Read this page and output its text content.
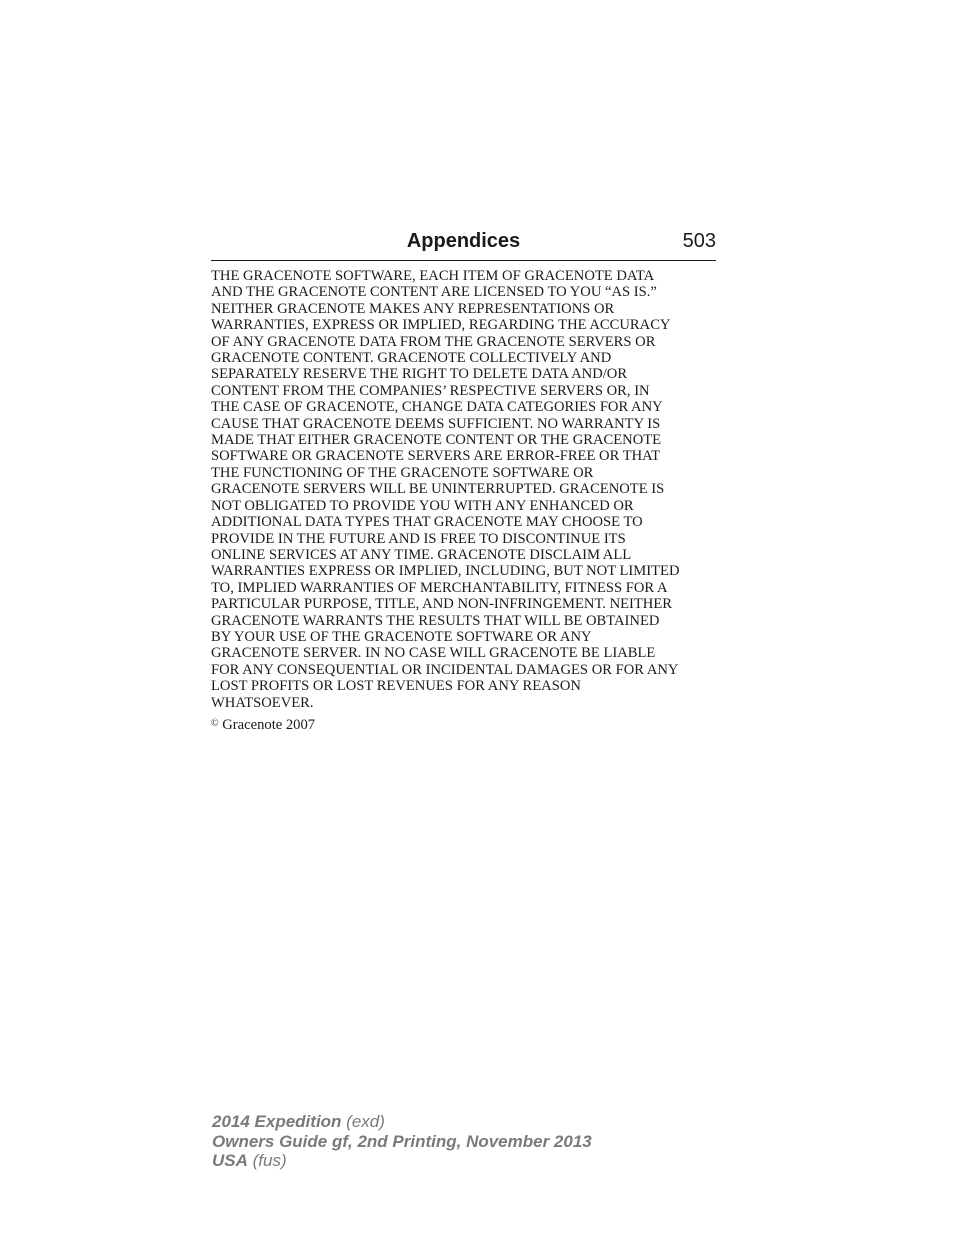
Appendices	503
THE GRACENOTE SOFTWARE, EACH ITEM OF GRACENOTE DATA
AND THE GRACENOTE CONTENT ARE LICENSED TO YOU “AS IS.”
NEITHER GRACENOTE MAKES ANY REPRESENTATIONS OR
WARRANTIES, EXPRESS OR IMPLIED, REGARDING THE ACCURACY
OF ANY GRACENOTE DATA FROM THE GRACENOTE SERVERS OR
GRACENOTE CONTENT. GRACENOTE COLLECTIVELY AND
SEPARATELY RESERVE THE RIGHT TO DELETE DATA AND/OR
CONTENT FROM THE COMPANIES’ RESPECTIVE SERVERS OR, IN
THE CASE OF GRACENOTE, CHANGE DATA CATEGORIES FOR ANY
CAUSE THAT GRACENOTE DEEMS SUFFICIENT. NO WARRANTY IS
MADE THAT EITHER GRACENOTE CONTENT OR THE GRACENOTE
SOFTWARE OR GRACENOTE SERVERS ARE ERROR-FREE OR THAT
THE FUNCTIONING OF THE GRACENOTE SOFTWARE OR
GRACENOTE SERVERS WILL BE UNINTERRUPTED. GRACENOTE IS
NOT OBLIGATED TO PROVIDE YOU WITH ANY ENHANCED OR
ADDITIONAL DATA TYPES THAT GRACENOTE MAY CHOOSE TO
PROVIDE IN THE FUTURE AND IS FREE TO DISCONTINUE ITS
ONLINE SERVICES AT ANY TIME. GRACENOTE DISCLAIM ALL
WARRANTIES EXPRESS OR IMPLIED, INCLUDING, BUT NOT LIMITED
TO, IMPLIED WARRANTIES OF MERCHANTABILITY, FITNESS FOR A
PARTICULAR PURPOSE, TITLE, AND NON-INFRINGEMENT. NEITHER
GRACENOTE WARRANTS THE RESULTS THAT WILL BE OBTAINED
BY YOUR USE OF THE GRACENOTE SOFTWARE OR ANY
GRACENOTE SERVER. IN NO CASE WILL GRACENOTE BE LIABLE
FOR ANY CONSEQUENTIAL OR INCIDENTAL DAMAGES OR FOR ANY
LOST PROFITS OR LOST REVENUES FOR ANY REASON
WHATSOEVER.
© Gracenote 2007
2014 Expedition (exd)
Owners Guide gf, 2nd Printing, November 2013
USA (fus)
